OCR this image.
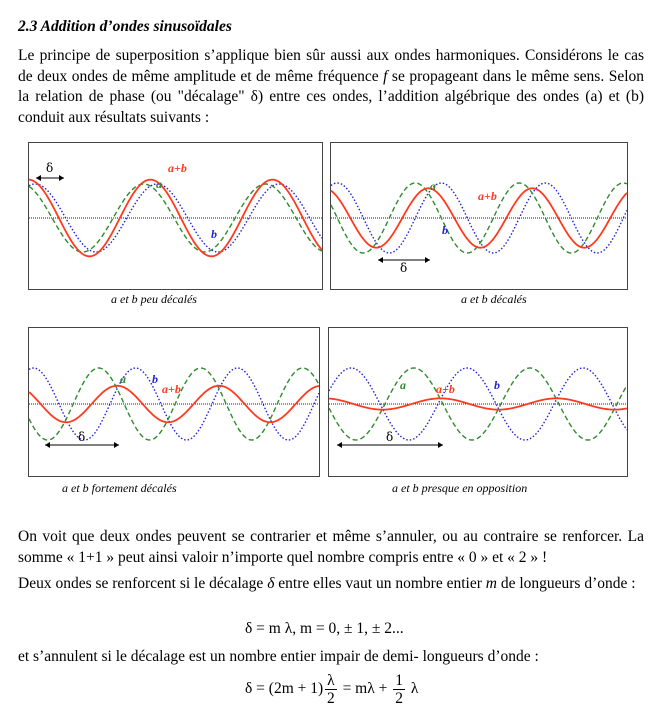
2.3 Addition d’ondes sinusoïdales
Le principe de superposition s’applique bien sûr aussi aux ondes harmoniques. Considérons le cas de deux ondes de même amplitude et de même fréquence f se propageant dans le même sens. Selon la relation de phase (ou "décalage" δ) entre ces ondes, l’addition algébrique des ondes (a) et (b) conduit aux résultats suivants :
a
b
a+b
δ
a et b peu décalés
a
b
a+b
δ
a et b décalés
a b
a+b
δ
a et b fortement décalés
a	b
a+b
δ
a et b presque en opposition
On voit que deux ondes peuvent se contrarier et même s’annuler, ou au contraire se renforcer. La somme « 1+1 » peut ainsi valoir n’importe quel nombre compris entre « 0 » et « 2 » !
Deux ondes se renforcent si le décalage δ entre elles vaut un nombre entier m de longueurs d’onde :
δ = m λ, m = 0, ± 1, ± 2...
et s’annulent si le décalage est un nombre entier impair de demi- longueurs d’onde :
$\delta = (2m + 1) \frac{\lambda}{2} = m\lambda + \frac{1}{2}$ λ
